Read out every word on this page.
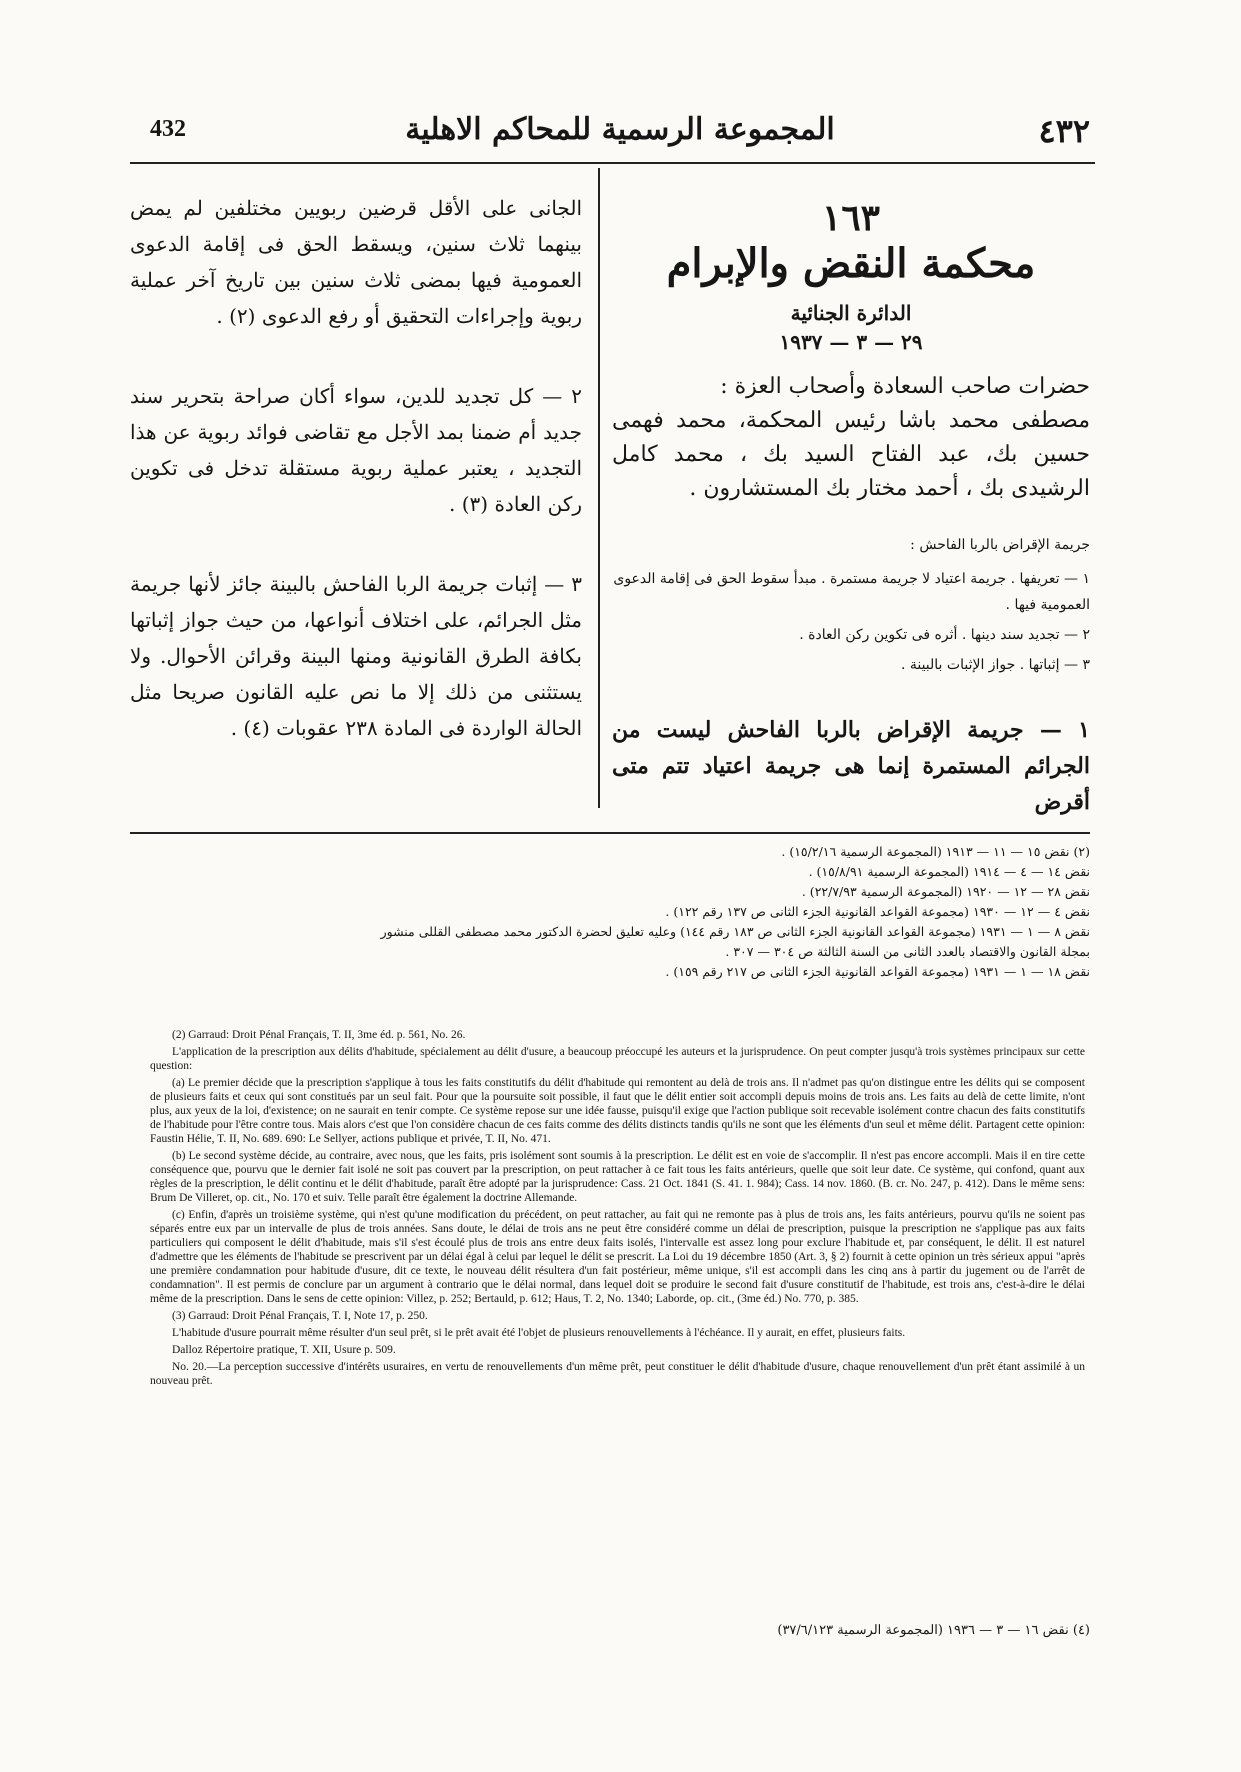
432	المجموعة الرسمية للمحاكم الاهلية	٤٣٢
١٦٣
محكمة النقض والإبرام
الدائرة الجنائية
٢٩ — ٣ — ١٩٣٧
حضرات صاحب السعادة وأصحاب العزة :
مصطفى محمد باشا رئيس المحكمة، محمد فهمى حسين بك، عبد الفتاح السيد بك ، محمد كامل الرشيدى بك ، أحمد مختار بك المستشارون .
جريمة الإقراض بالربا الفاحش :
١ — تعريفها . جريمة اعتياد لا جريمة مستمرة . مبدأ سقوط الحق فى إقامة الدعوى العمومية فيها .
٢ — تجديد سند دينها . أثره فى تكوين ركن العادة .
٣ — إثباتها . جواز الإثبات بالبينة .
١ — جريمة الإقراض بالربا الفاحش ليست من الجرائم المستمرة إنما هى جريمة اعتياد تتم متى أقرض

الجانى على الأقل قرضين ربويين مختلفين لم يمض بينهما ثلاث سنين، ويسقط الحق فى إقامة الدعوى العمومية فيها بمضى ثلاث سنين بين تاريخ آخر عملية ربوية وإجراءات التحقيق أو رفع الدعوى (٢) .

٢ — كل تجديد للدين، سواء أكان صراحة بتحرير سند جديد أم ضمنا بمد الأجل مع تقاضى فوائد ربوية عن هذا التجديد ، يعتبر عملية ربوية مستقلة تدخل فى تكوين ركن العادة (٣) .

٣ — إثبات جريمة الربا الفاحش بالبينة جائز لأنها جريمة مثل الجرائم، على اختلاف أنواعها، من حيث جواز إثباتها بكافة الطرق القانونية ومنها البينة وقرائن الأحوال. ولا يستثنى من ذلك إلا ما نص عليه القانون صريحا مثل الحالة الواردة فى المادة ٢٣٨ عقوبات (٤) .

(٢) نقض ١٥ — ١١ — ١٩١٣ (المجموعة الرسمية ١٥/٢/١٦) .
نقض ١٤ — ٤ — ١٩١٤ (المجموعة الرسمية ١٥/٨/٩١) .
نقض ٢٨ — ١٢ — ١٩٢٠ (المجموعة الرسمية ٢٢/٧/٩٣) .
نقض ٤ — ١٢ — ١٩٣٠ (مجموعة القواعد القانونية الجزء الثانى ص ١٣٧ رقم ١٢٢) .
نقض ٨ — ١ — ١٩٣١ (مجموعة القواعد القانونية الجزء الثانى ص ١٨٣ رقم ١٤٤) وعليه تعليق لحضرة الدكتور محمد مصطفى القللى منشور
بمجلة القانون والاقتصاد بالعدد الثانى من السنة الثالثة ص ٣٠٤ — ٣٠٧ .
نقض ١٨ — ١ — ١٩٣١ (مجموعة القواعد القانونية الجزء الثانى ص ٢١٧ رقم ١٥٩) .

(2) Garraud: Droit Pénal Français, T. II, 3me éd. p. 561, No. 26.

L'application de la prescription aux délits d'habitude, spécialement au délit d'usure, a beaucoup préoccupé les auteurs et la jurisprudence. On peut compter jusqu'à trois systèmes principaux sur cette question:

(a) Le premier décide que la prescription s'applique à tous les faits constitutifs du délit d'habitude qui remontent au delà de trois ans. Il n'admet pas qu'on distingue entre les délits qui se composent de plusieurs faits et ceux qui sont constitués par un seul fait. Pour que la poursuite soit possible, il faut que le délit entier soit accompli depuis moins de trois ans. Les faits au delà de cette limite, n'ont plus, aux yeux de la loi, d'existence; on ne saurait en tenir compte. Ce système repose sur une idée fausse, puisqu'il exige que l'action publique soit recevable isolément contre chacun des faits constitutifs de l'habitude pour l'être contre tous. Mais alors c'est que l'on considère chacun de ces faits comme des délits distincts tandis qu'ils ne sont que les éléments d'un seul et même délit. Partagent cette opinion: Faustin Hélie, T. II, No. 689. 690: Le Sellyer, actions publique et privée, T. II, No. 471.

(b) Le second système décide, au contraire, avec nous, que les faits, pris isolément sont soumis à la prescription. Le délit est en voie de s'accomplir. Il n'est pas encore accompli. Mais il en tire cette conséquence que, pourvu que le dernier fait isolé ne soit pas couvert par la prescription, on peut rattacher à ce fait tous les faits antérieurs, quelle que soit leur date. Ce système, qui confond, quant aux règles de la prescription, le délit continu et le délit d'habitude, paraît être adopté par la jurisprudence: Cass. 21 Oct. 1841 (S. 41. 1. 984); Cass. 14 nov. 1860. (B. cr. No. 247, p. 412). Dans le même sens: Brum De Villeret, op. cit., No. 170 et suiv. Telle paraît être également la doctrine Allemande.

(c) Enfin, d'après un troisième système, qui n'est qu'une modification du précédent, on peut rattacher, au fait qui ne remonte pas à plus de trois ans, les faits antérieurs, pourvu qu'ils ne soient pas séparés entre eux par un intervalle de plus de trois années. Sans doute, le délai de trois ans ne peut être considéré comme un délai de prescription, puisque la prescription ne s'applique pas aux faits particuliers qui composent le délit d'habitude, mais s'il s'est écoulé plus de trois ans entre deux faits isolés, l'intervalle est assez long pour exclure l'habitude et, par conséquent, le délit. Il est naturel d'admettre que les éléments de l'habitude se prescrivent par un délai égal à celui par lequel le délit se prescrit. La Loi du 19 décembre 1850 (Art. 3, § 2) fournit à cette opinion un très sérieux appui "après une première condamnation pour habitude d'usure, dit ce texte, le nouveau délit résultera d'un fait postérieur, même unique, s'il est accompli dans les cinq ans à partir du jugement ou de l'arrêt de condamnation". Il est permis de conclure par un argument à contrario que le délai normal, dans lequel doit se produire le second fait d'usure constitutif de l'habitude, est trois ans, c'est-à-dire le délai même de la prescription. Dans le sens de cette opinion: Villez, p. 252; Bertauld, p. 612; Haus, T. 2, No. 1340; Laborde, op. cit., (3me éd.) No. 770, p. 385.

(3) Garraud: Droit Pénal Français, T. I, Note 17, p. 250.

L'habitude d'usure pourrait même résulter d'un seul prêt, si le prêt avait été l'objet de plusieurs renouvellements à l'échéance. Il y aurait, en effet, plusieurs faits.

Dalloz Répertoire pratique, T. XII, Usure p. 509.

No. 20.—La perception successive d'intérêts usuraires, en vertu de renouvellements d'un même prêt, peut constituer le délit d'habitude d'usure, chaque renouvellement d'un prêt étant assimilé à un nouveau prêt.

(٤) نقض ١٦ — ٣ — ١٩٣٦ (المجموعة الرسمية ٣٧/٦/١٢٣)
